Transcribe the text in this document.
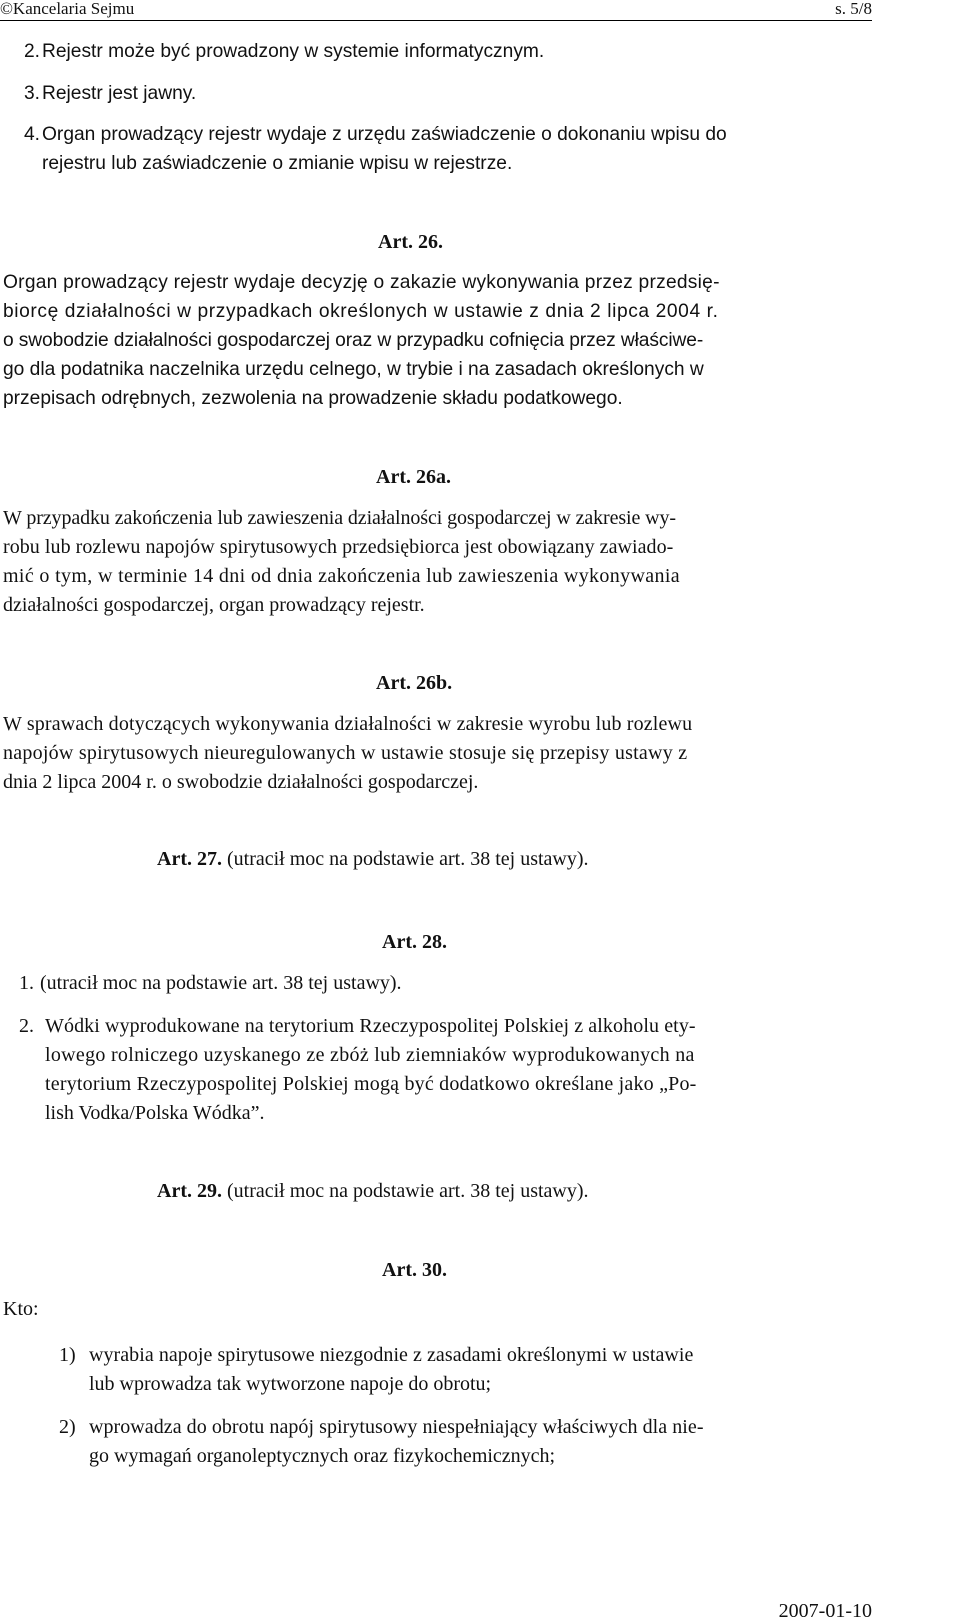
©Kancelaria Sejmu	s. 5/8
2. Rejestr może być prowadzony w systemie informatycznym.
3. Rejestr jest jawny.
4. Organ prowadzący rejestr wydaje z urzędu zaświadczenie o dokonaniu wpisu do
rejestru lub zaświadczenie o zmianie wpisu w rejestrze.
Art. 26.
Organ prowadzący rejestr wydaje decyzję o zakazie wykonywania przez przedsię-
biorcę działalności w przypadkach określonych w ustawie z dnia 2 lipca 2004 r.
o swobodzie działalności gospodarczej oraz w przypadku cofnięcia przez właściwe-
go dla podatnika naczelnika urzędu celnego, w trybie i na zasadach określonych w
przepisach odrębnych, zezwolenia na prowadzenie składu podatkowego.
Art. 26a.
W przypadku zakończenia lub zawieszenia działalności gospodarczej w zakresie wy-
robu lub rozlewu napojów spirytusowych przedsiębiorca jest obowiązany zawiado-
mić o tym, w terminie 14 dni od dnia zakończenia lub zawieszenia wykonywania
działalności gospodarczej, organ prowadzący rejestr.
Art. 26b.
W sprawach dotyczących wykonywania działalności w zakresie wyrobu lub rozlewu
napojów spirytusowych nieuregulowanych w ustawie stosuje się przepisy ustawy z
dnia 2 lipca 2004 r. o swobodzie działalności gospodarczej.
Art. 27. (utracił moc na podstawie art. 38 tej ustawy).
Art. 28.
1. (utracił moc na podstawie art. 38 tej ustawy).
2. Wódki wyprodukowane na terytorium Rzeczypospolitej Polskiej z alkoholu ety-
lowego rolniczego uzyskanego ze zbóż lub ziemniaków wyprodukowanych na
terytorium Rzeczypospolitej Polskiej mogą być dodatkowo określane jako „Po-
lish Vodka/Polska Wódka”.
Art. 29. (utracił moc na podstawie art. 38 tej ustawy).
Art. 30.
Kto:
1) wyrabia napoje spirytusowe niezgodnie z zasadami określonymi w ustawie
lub wprowadza tak wytworzone napoje do obrotu;
2) wprowadza do obrotu napój spirytusowy niespełniający właściwych dla nie-
go wymagań organoleptycznych oraz fizykochemicznych;
2007-01-10
